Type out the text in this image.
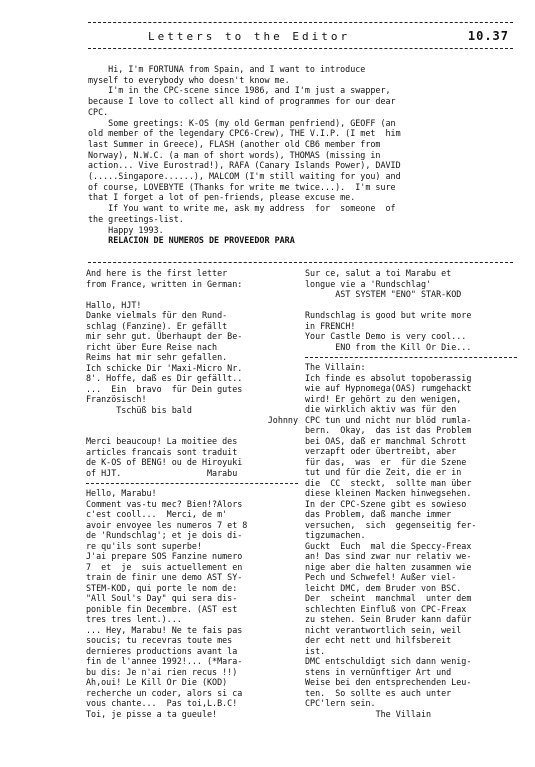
Letters to the Editor	10.37

Hi, I'm FORTUNA from Spain, and I want to introduce
myself to everybody who doesn't know me.

I'm in the CPC-scene since 1986, and I'm just a swapper,
because I love to collect all kind of programmes for our dear
CPC.

Some greetings: K-OS (my old German penfriend), GEOFF (an
old member of the legendary CPC6-Crew), THE V.I.P. (I met  him
last Summer in Greece), FLASH (another old CB6 member from
Norway), N.W.C. (a man of short words), THOMAS (missing in
action... Vive Eurostrad!), RAFA (Canary Islands Power), DAVID
(.....Singapore......), MALCOM (I'm still waiting for you) and
of course, LOVEBYTE (Thanks for write me twice...).  I'm sure
that I forget a lot of pen-friends, please excuse me.

If You want to write me, ask my address  for  someone  of
the greetings-list.

Happy 1993.

RELACION DE NUMEROS DE PROVEEDOR PARA

And here is the first letter
from France, written in German:
Hallo, HJT!
Danke vielmals für den Rund-
schlag (Fanzine). Er gefällt
mir sehr gut. Überhaupt der Be-
richt über Eure Reise nach
Reims hat mir sehr gefallen.
Ich schicke Dir 'Maxi-Micro Nr.
8'. Hoffe, daß es Dir gefällt..
...  Ein  bravo  für Dein gutes
Französisch!
Tschüß bis bald
Johnny
Merci beaucoup! La moitiee des
articles francais sont traduit
de K-OS of BENG! ou de Hiroyuki
of HJT.                 Marabu
Hello, Marabu!
Comment vas-tu mec? Bien!?Alors
c'est cooll...  Merci, de m'
avoir envoyee les numeros 7 et 8
de 'Rundschlag'; et je dois di-
re qu'ils sont superbe!
J'ai prepare SOS Fanzine numero
7  et  je  suis actuellement en
train de finir une demo AST SY-
STEM-KOD, qui porte le nom de:
"All Soul's Day" qui sera dis-
ponible fin Decembre. (AST est
tres tres lent.)...
... Hey, Marabu! Ne te fais pas
soucis; tu recevras toute mes
dernieres productions avant la
fin de l'annee 1992!... (*Mara-
bu dis: Je n'ai rien recus !!)
Ah,oui! Le Kill Or Die (KOD)
recherche un coder, alors si ca
vous chante...  Pas toi,L.B.C!
Toi, je pisse a ta gueule!
Sur ce, salut a toi Marabu et
longue vie a 'Rundschlag'
AST SYSTEM "ENO" STAR-KOD
Rundschlag is good but write more
in FRENCH!
Your Castle Demo is very cool...
ENO from the Kill Or Die...
The Villain:
Ich finde es absolut topoberassig
wie auf Hypnomega(OAS) rumgehackt
wird! Er gehört zu den wenigen,
die wirklich aktiv was für den
CPC tun und nicht nur blöd rumla-
bern.  Okay,  das ist das Problem
bei OAS, daß er manchmal Schrott
verzapft oder übertreibt, aber
für das,  was  er  für die Szene
tut und für die Zeit, die er in
die  CC  steckt,  sollte man über
diese kleinen Macken hinwegsehen.
In der CPC-Szene gibt es sowieso
das Problem, daß manche immer
versuchen,  sich  gegenseitig fer-
tigzumachen.
Guckt  Euch  mal die Speccy-Freax
an! Das sind zwar nur relativ we-
nige aber die halten zusammen wie
Pech und Schwefel! Außer viel-
leicht DMC, dem Bruder von BSC.
Der  scheint  manchmal  unter dem
schlechten Einfluß von CPC-Freax
zu stehen. Sein Bruder kann dafür
nicht verantwortlich sein, weil
der echt nett und hilfsbereit
ist.
DMC entschuldigt sich dann wenig-
stens in vernünftiger Art und
Weise bei den entsprechenden Leu-
ten.  So sollte es auch unter
CPC'lern sein.
The Villain
